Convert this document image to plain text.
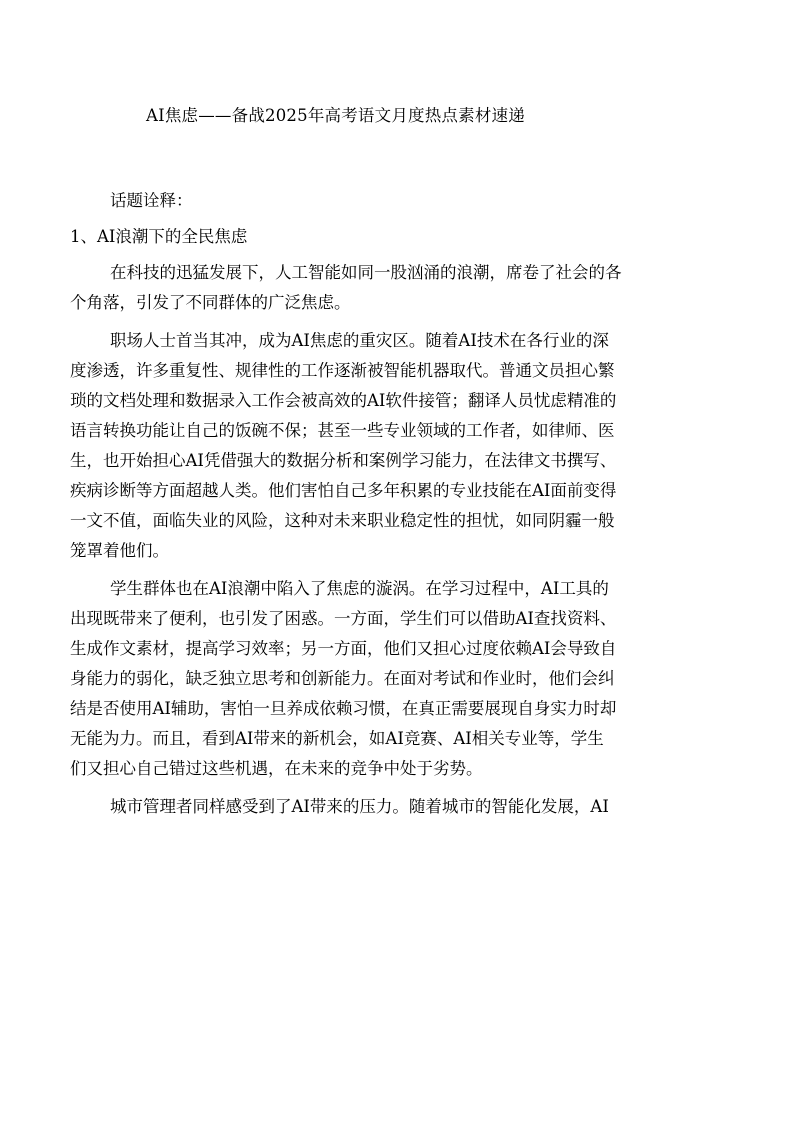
AI焦虑——备战2025年高考语文月度热点素材速递

话题诠释：

1、AI浪潮下的全民焦虑

在科技的迅猛发展下，人工智能如同一股汹涌的浪潮，席卷了社会的各

个角落，引发了不同群体的广泛焦虑。

职场人士首当其冲，成为AI焦虑的重灾区。随着AI技术在各行业的深

度渗透，许多重复性、规律性的工作逐渐被智能机器取代。普通文员担心繁

琐的文档处理和数据录入工作会被高效的AI软件接管；翻译人员忧虑精准的

语言转换功能让自己的饭碗不保；甚至一些专业领域的工作者，如律师、医

生，也开始担心AI凭借强大的数据分析和案例学习能力，在法律文书撰写、

疾病诊断等方面超越人类。他们害怕自己多年积累的专业技能在AI面前变得

一文不值，面临失业的风险，这种对未来职业稳定性的担忧，如同阴霾一般

笼罩着他们。

学生群体也在AI浪潮中陷入了焦虑的漩涡。在学习过程中，AI工具的

出现既带来了便利，也引发了困惑。一方面，学生们可以借助AI查找资料、

生成作文素材，提高学习效率；另一方面，他们又担心过度依赖AI会导致自

身能力的弱化，缺乏独立思考和创新能力。在面对考试和作业时，他们会纠

结是否使用AI辅助，害怕一旦养成依赖习惯，在真正需要展现自身实力时却

无能为力。而且，看到AI带来的新机会，如AI竞赛、AI相关专业等，学生

们又担心自己错过这些机遇，在未来的竞争中处于劣势。

城市管理者同样感受到了AI带来的压力。随着城市的智能化发展，AI
